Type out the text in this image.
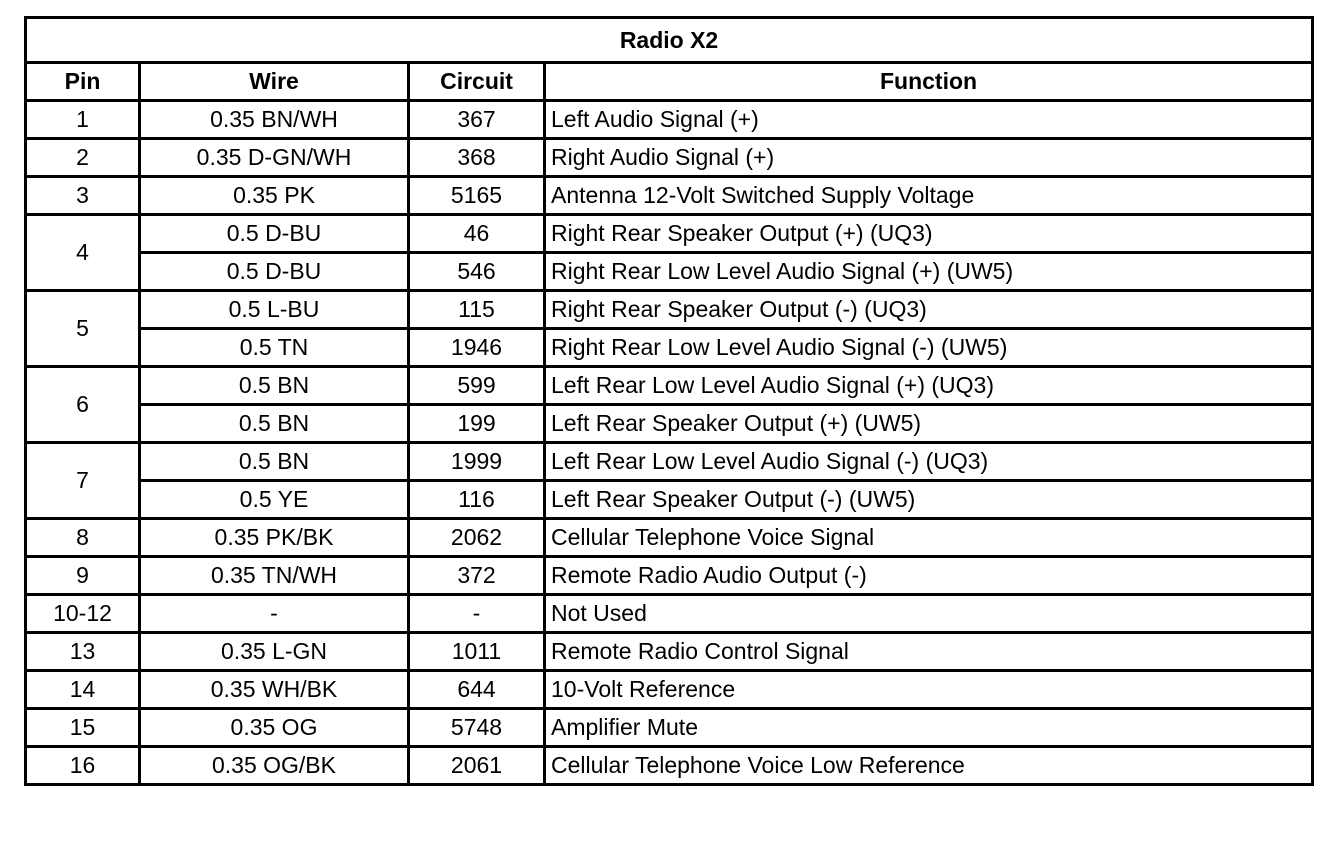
Radio X2			
Pin	Wire	Circuit	Function
1	0.35 BN/WH	367	Left Audio Signal (+)
2	0.35 D-GN/WH	368	Right Audio Signal (+)
3	0.35 PK	5165	Antenna 12-Volt Switched Supply Voltage
4	0.5 D-BU	46	Right Rear Speaker Output (+) (UQ3)
	0.5 D-BU	546	Right Rear Low Level Audio Signal (+) (UW5)
5	0.5 L-BU	115	Right Rear Speaker Output (-) (UQ3)
	0.5 TN	1946	Right Rear Low Level Audio Signal (-) (UW5)
6	0.5 BN	599	Left Rear Low Level Audio Signal (+) (UQ3)
	0.5 BN	199	Left Rear Speaker Output (+) (UW5)
7	0.5 BN	1999	Left Rear Low Level Audio Signal (-) (UQ3)
	0.5 YE	116	Left Rear Speaker Output (-) (UW5)
8	0.35 PK/BK	2062	Cellular Telephone Voice Signal
9	0.35 TN/WH	372	Remote Radio Audio Output (-)
10-12	-	-	Not Used
13	0.35 L-GN	1011	Remote Radio Control Signal
14	0.35 WH/BK	644	10-Volt Reference
15	0.35 OG	5748	Amplifier Mute
16	0.35 OG/BK	2061	Cellular Telephone Voice Low Reference
